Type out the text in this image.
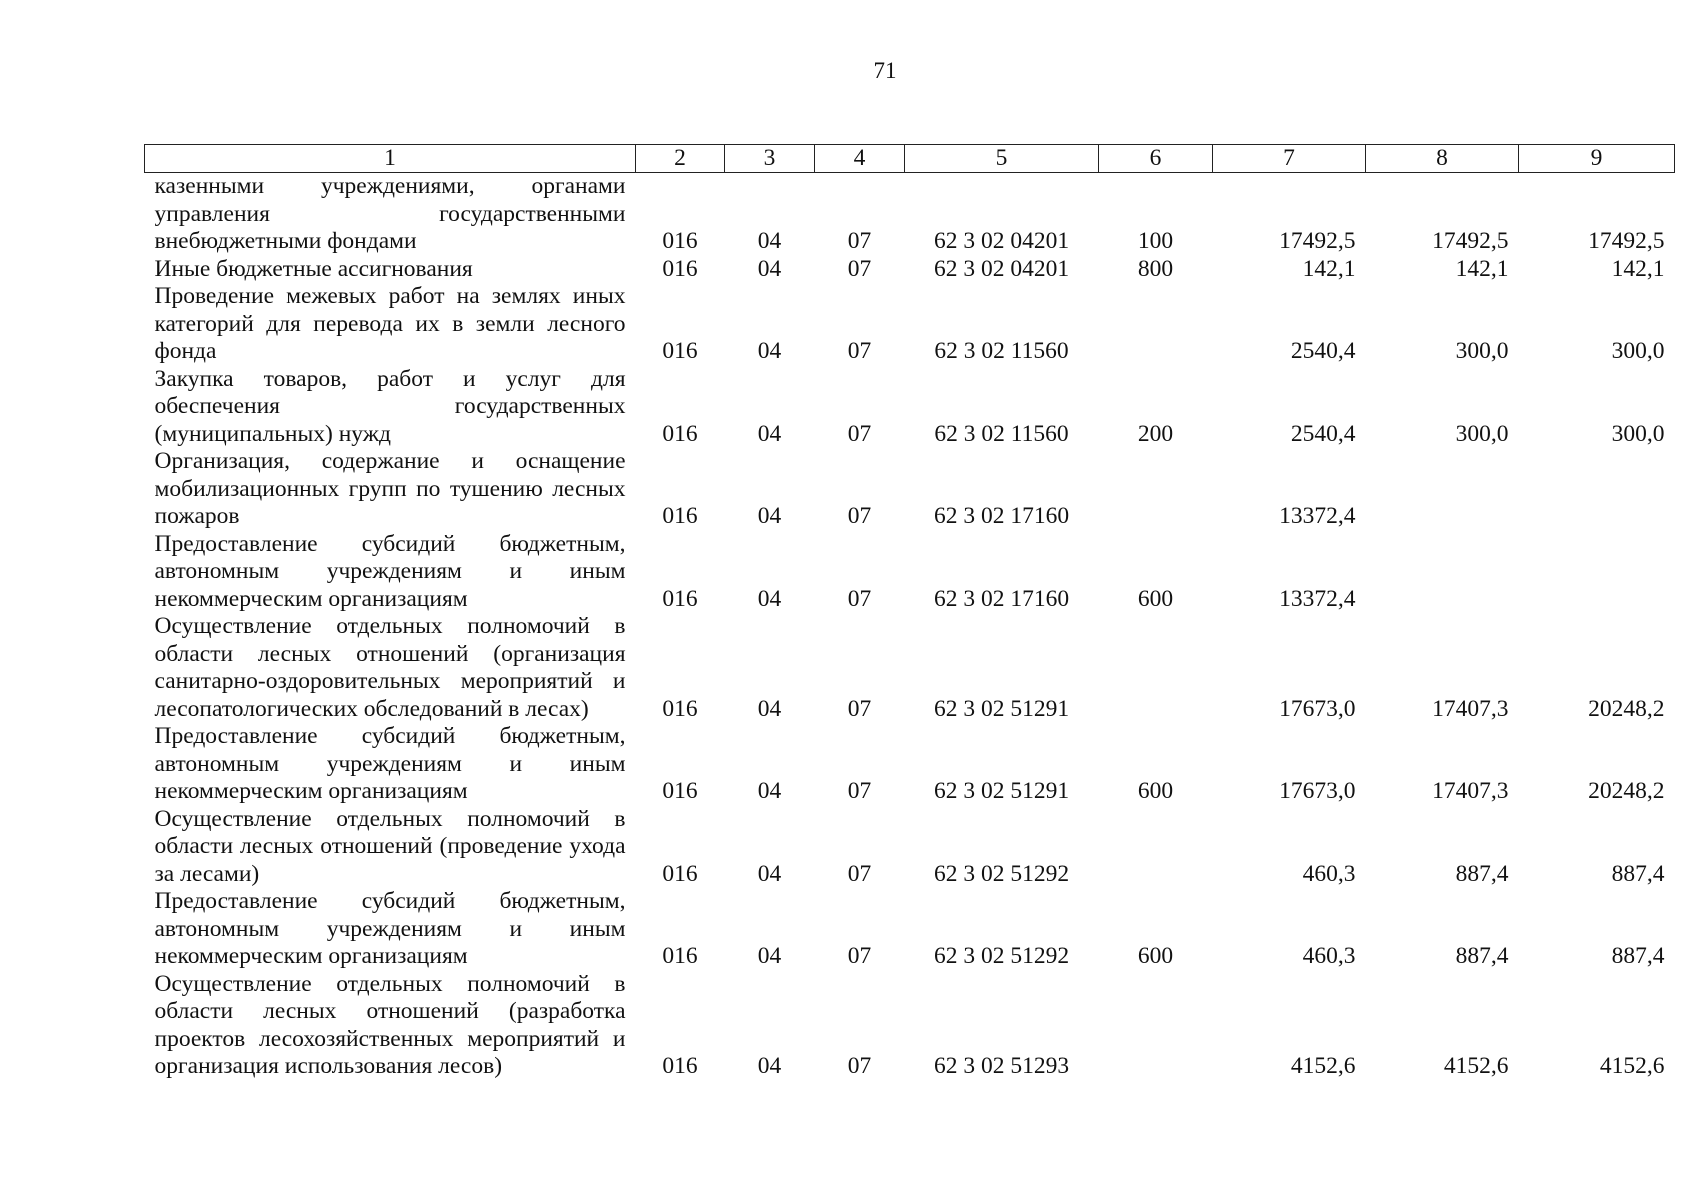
71
1	2	3	4	5	6	7	8	9
казенными учреждениями, органами управления государственными внебюджетными фондами	016	04	07	62 3 02 04201	100	17492,5	17492,5	17492,5
Иные бюджетные ассигнования	016	04	07	62 3 02 04201	800	142,1	142,1	142,1
Проведение межевых работ на землях иных категорий для перевода их в земли лесного фонда	016	04	07	62 3 02 11560		2540,4	300,0	300,0
Закупка товаров, работ и услуг для обеспечения государственных (муниципальных) нужд	016	04	07	62 3 02 11560	200	2540,4	300,0	300,0
Организация, содержание и оснащение мобилизационных групп по тушению лесных пожаров	016	04	07	62 3 02 17160		13372,4		
Предоставление субсидий бюджетным, автономным учреждениям и иным некоммерческим организациям	016	04	07	62 3 02 17160	600	13372,4		
Осуществление отдельных полномочий в области лесных отношений (организация санитарно-оздоровительных мероприятий и лесопатологических обследований в лесах)	016	04	07	62 3 02 51291		17673,0	17407,3	20248,2
Предоставление субсидий бюджетным, автономным учреждениям и иным некоммерческим организациям	016	04	07	62 3 02 51291	600	17673,0	17407,3	20248,2
Осуществление отдельных полномочий в области лесных отношений (проведение ухода за лесами)	016	04	07	62 3 02 51292		460,3	887,4	887,4
Предоставление субсидий бюджетным, автономным учреждениям и иным некоммерческим организациям	016	04	07	62 3 02 51292	600	460,3	887,4	887,4
Осуществление отдельных полномочий в области лесных отношений (разработка проектов лесохозяйственных мероприятий и организация использования лесов)	016	04	07	62 3 02 51293		4152,6	4152,6	4152,6
